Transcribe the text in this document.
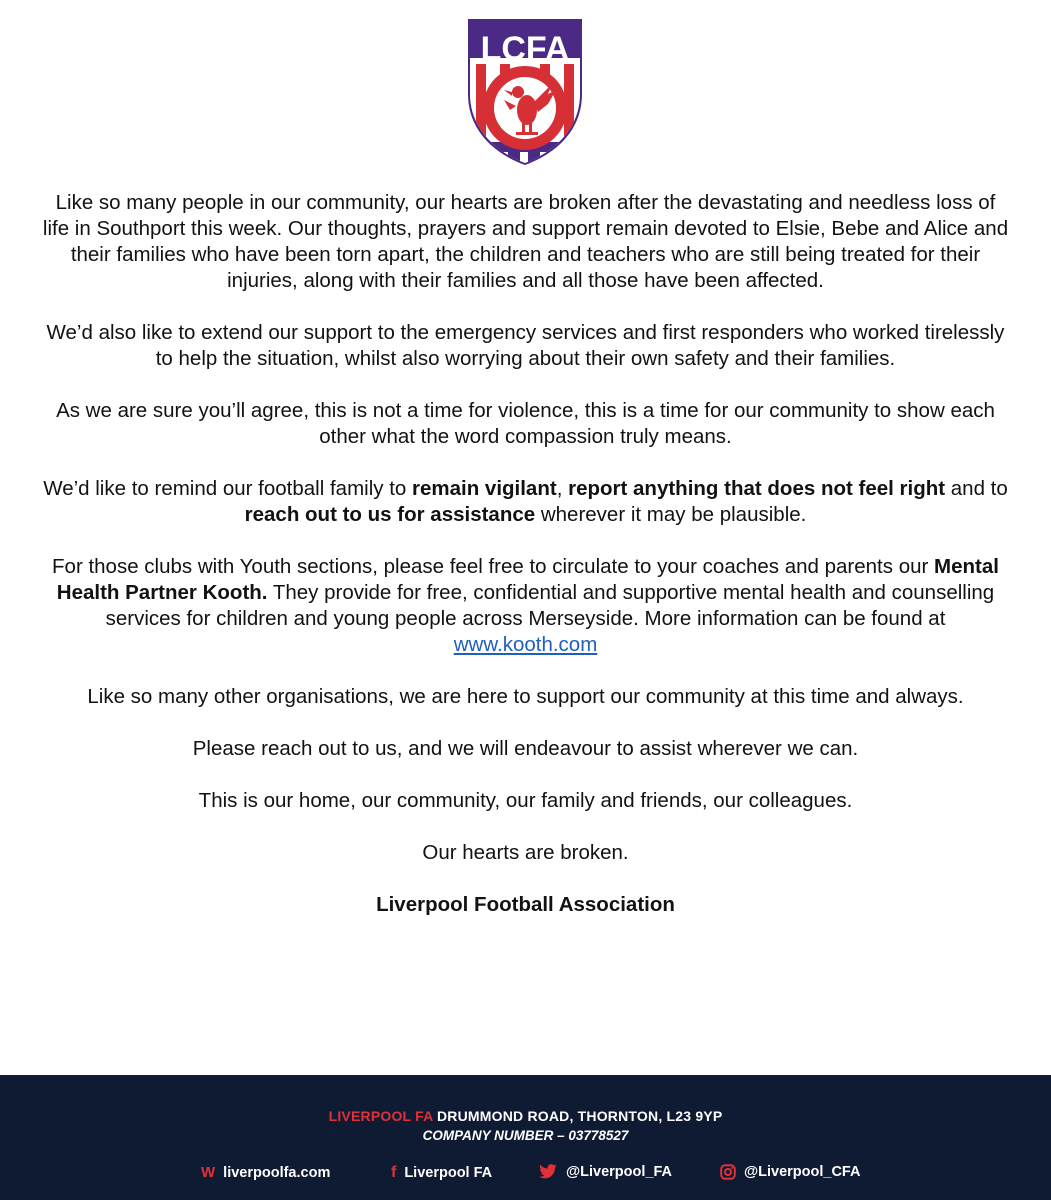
LCFA

Like so many people in our community, our hearts are broken after the devastating and needless loss of life in Southport this week. Our thoughts, prayers and support remain devoted to Elsie, Bebe and Alice and their families who have been torn apart, the children and teachers who are still being treated for their injuries, along with their families and all those have been affected.

We’d also like to extend our support to the emergency services and first responders who worked tirelessly to help the situation, whilst also worrying about their own safety and their families.

As we are sure you’ll agree, this is not a time for violence, this is a time for our community to show each other what the word compassion truly means.

We’d like to remind our football family to remain vigilant, report anything that does not feel right and to reach out to us for assistance wherever it may be plausible.

For those clubs with Youth sections, please feel free to circulate to your coaches and parents our Mental Health Partner Kooth. They provide for free, confidential and supportive mental health and counselling services for children and young people across Merseyside. More information can be found at www.kooth.com

Like so many other organisations, we are here to support our community at this time and always.

Please reach out to us, and we will endeavour to assist wherever we can.

This is our home, our community, our family and friends, our colleagues.

Our hearts are broken.

Liverpool Football Association

LIVERPOOL FA DRUMMOND ROAD, THORNTON, L23 9YP
COMPANY NUMBER – 03778527
W liverpoolfa.com	f Liverpool FA	@Liverpool_FA	@Liverpool_CFA
